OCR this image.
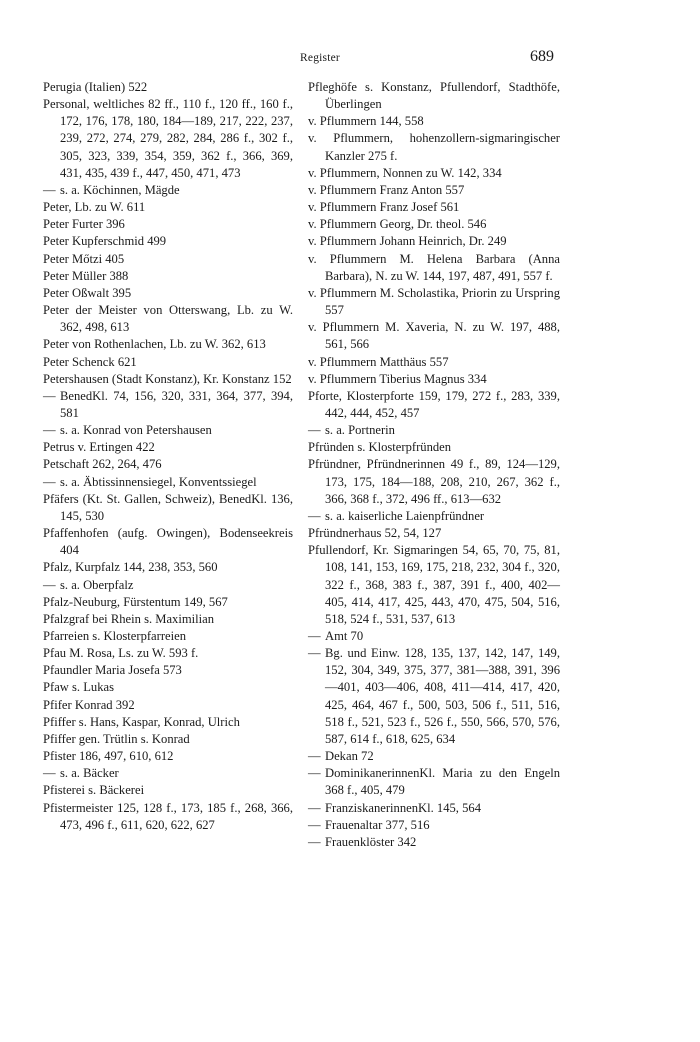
Register	689
Perugia (Italien) 522
Personal, weltliches 82 ff., 110 f., 120 ff., 160 f., 172, 176, 178, 180, 184—189, 217, 222, 237, 239, 272, 274, 279, 282, 284, 286 f., 302 f., 305, 323, 339, 354, 359, 362 f., 366, 369, 431, 435, 439 f., 447, 450, 471, 473
— s. a. Köchinnen, Mägde
Peter, Lb. zu W. 611
Peter Furter 396
Peter Kupferschmid 499
Peter Mőtzi 405
Peter Müller 388
Peter Oßwalt 395
Peter der Meister von Otterswang, Lb. zu W. 362, 498, 613
Peter von Rothenlachen, Lb. zu W. 362, 613
Peter Schenck 621
Petershausen (Stadt Konstanz), Kr. Konstanz 152
— BenedKl. 74, 156, 320, 331, 364, 377, 394, 581
— s. a. Konrad von Petershausen
Petrus v. Ertingen 422
Petschaft 262, 264, 476
— s. a. Äbtissinnensiegel, Konventssiegel
Pfäfers (Kt. St. Gallen, Schweiz), BenedKl. 136, 145, 530
Pfaffenhofen (aufg. Owingen), Bodenseekreis 404
Pfalz, Kurpfalz 144, 238, 353, 560
— s. a. Oberpfalz
Pfalz-Neuburg, Fürstentum 149, 567
Pfalzgraf bei Rhein s. Maximilian
Pfarreien s. Klosterpfarreien
Pfau M. Rosa, Ls. zu W. 593 f.
Pfaundler Maria Josefa 573
Pfaw s. Lukas
Pfifer Konrad 392
Pfiffer s. Hans, Kaspar, Konrad, Ulrich
Pfiffer gen. Trütlin s. Konrad
Pfister 186, 497, 610, 612
— s. a. Bäcker
Pfisterei s. Bäckerei
Pfistermeister 125, 128 f., 173, 185 f., 268, 366, 473, 496 f., 611, 620, 622, 627
Pfleghöfe s. Konstanz, Pfullendorf, Stadthöfe, Überlingen
v. Pflummern 144, 558
v. Pflummern, hohenzollern-sigmaringischer Kanzler 275 f.
v. Pflummern, Nonnen zu W. 142, 334
v. Pflummern Franz Anton 557
v. Pflummern Franz Josef 561
v. Pflummern Georg, Dr. theol. 546
v. Pflummern Johann Heinrich, Dr. 249
v. Pflummern M. Helena Barbara (Anna Barbara), N. zu W. 144, 197, 487, 491, 557 f.
v. Pflummern M. Scholastika, Priorin zu Urspring 557
v. Pflummern M. Xaveria, N. zu W. 197, 488, 561, 566
v. Pflummern Matthäus 557
v. Pflummern Tiberius Magnus 334
Pforte, Klosterpforte 159, 179, 272 f., 283, 339, 442, 444, 452, 457
— s. a. Portnerin
Pfründen s. Klosterpfründen
Pfründner, Pfründnerinnen 49 f., 89, 124—129, 173, 175, 184—188, 208, 210, 267, 362 f., 366, 368 f., 372, 496 ff., 613—632
— s. a. kaiserliche Laienpfründner
Pfründnerhaus 52, 54, 127
Pfullendorf, Kr. Sigmaringen 54, 65, 70, 75, 81, 108, 141, 153, 169, 175, 218, 232, 304 f., 320, 322 f., 368, 383 f., 387, 391 f., 400, 402—405, 414, 417, 425, 443, 470, 475, 504, 516, 518, 524 f., 531, 537, 613
— Amt 70
— Bg. und Einw. 128, 135, 137, 142, 147, 149, 152, 304, 349, 375, 377, 381—388, 391, 396—401, 403—406, 408, 411—414, 417, 420, 425, 464, 467 f., 500, 503, 506 f., 511, 516, 518 f., 521, 523 f., 526 f., 550, 566, 570, 576, 587, 614 f., 618, 625, 634
— Dekan 72
— DominikanerinnenKl. Maria zu den Engeln 368 f., 405, 479
— FranziskanerinnenKl. 145, 564
— Frauenaltar 377, 516
— Frauenklöster 342
